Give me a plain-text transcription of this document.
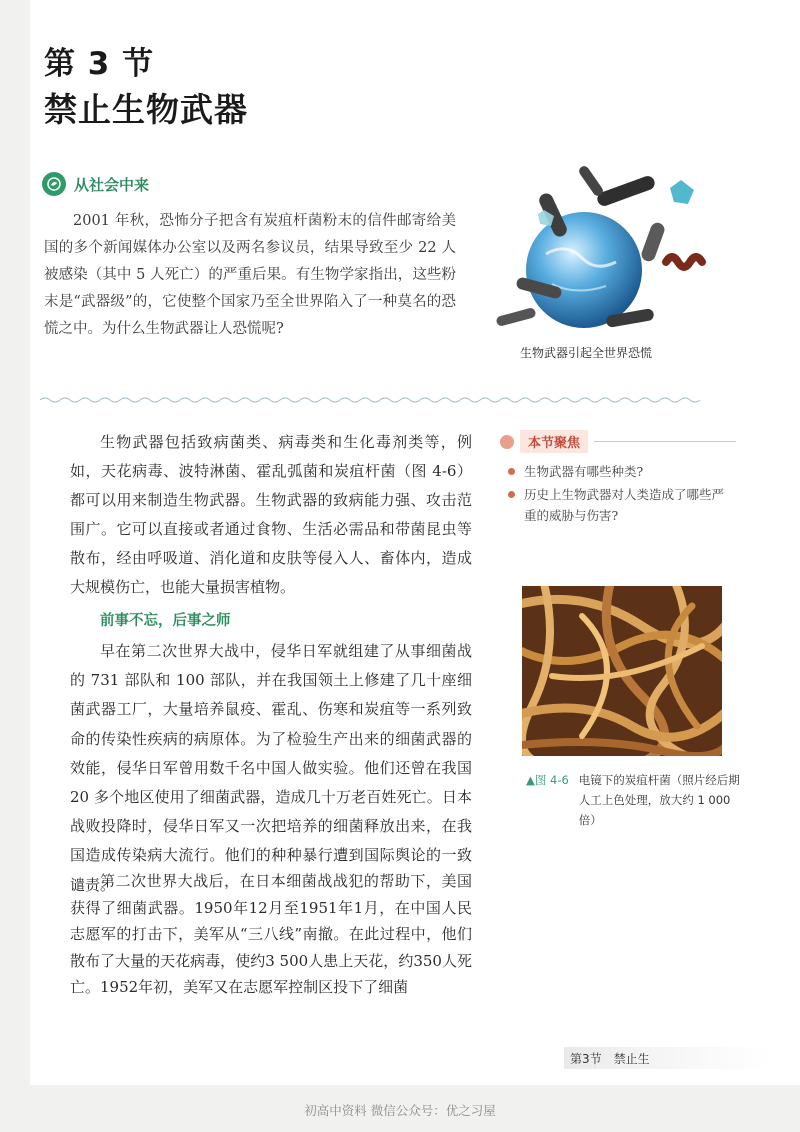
第 3 节
禁止生物武器
从社会中来
2001 年秋，恐怖分子把含有炭疽杆菌粉末的信件邮寄给美国的多个新闻媒体办公室以及两名参议员，结果导致至少 22 人被感染（其中 5 人死亡）的严重后果。有生物学家指出，这些粉末是“武器级”的，它使整个国家乃至全世界陷入了一种莫名的恐慌之中。为什么生物武器让人恐慌呢?
生物武器引起全世界恐慌
生物武器包括致病菌类、病毒类和生化毒剂类等，例如，天花病毒、波特淋菌、霍乱弧菌和炭疽杆菌（图 4-6）都可以用来制造生物武器。生物武器的致病能力强、攻击范围广。它可以直接或者通过食物、生活必需品和带菌昆虫等散布，经由呼吸道、消化道和皮肤等侵入人、畜体内，造成大规模伤亡，也能大量损害植物。
本节聚焦
生物武器有哪些种类?
历史上生物武器对人类造成了哪些严重的威胁与伤害?
前事不忘，后事之师
早在第二次世界大战中，侵华日军就组建了从事细菌战的 731 部队和 100 部队，并在我国领土上修建了几十座细菌武器工厂，大量培养鼠疫、霍乱、伤寒和炭疽等一系列致命的传染性疾病的病原体。为了检验生产出来的细菌武器的效能，侵华日军曾用数千名中国人做实验。他们还曾在我国 20 多个地区使用了细菌武器，造成几十万老百姓死亡。日本战败投降时，侵华日军又一次把培养的细菌释放出来，在我国造成传染病大流行。他们的种种暴行遭到国际舆论的一致谴责。
第二次世界大战后，在日本细菌战战犯的帮助下，美国获得了细菌武器。1950年12月至1951年1月，在中国人民志愿军的打击下，美军从“三八线”南撤。在此过程中，他们散布了大量的天花病毒，使约3 500人患上天花，约350人死亡。1952年初，美军又在志愿军控制区投下了细菌
▲图 4-6 电镜下的炭疽杆菌（照片经后期人工上色处理，放大约 1 000 倍）
第3节 禁止生
初高中资料 微信公众号：优之习屋
